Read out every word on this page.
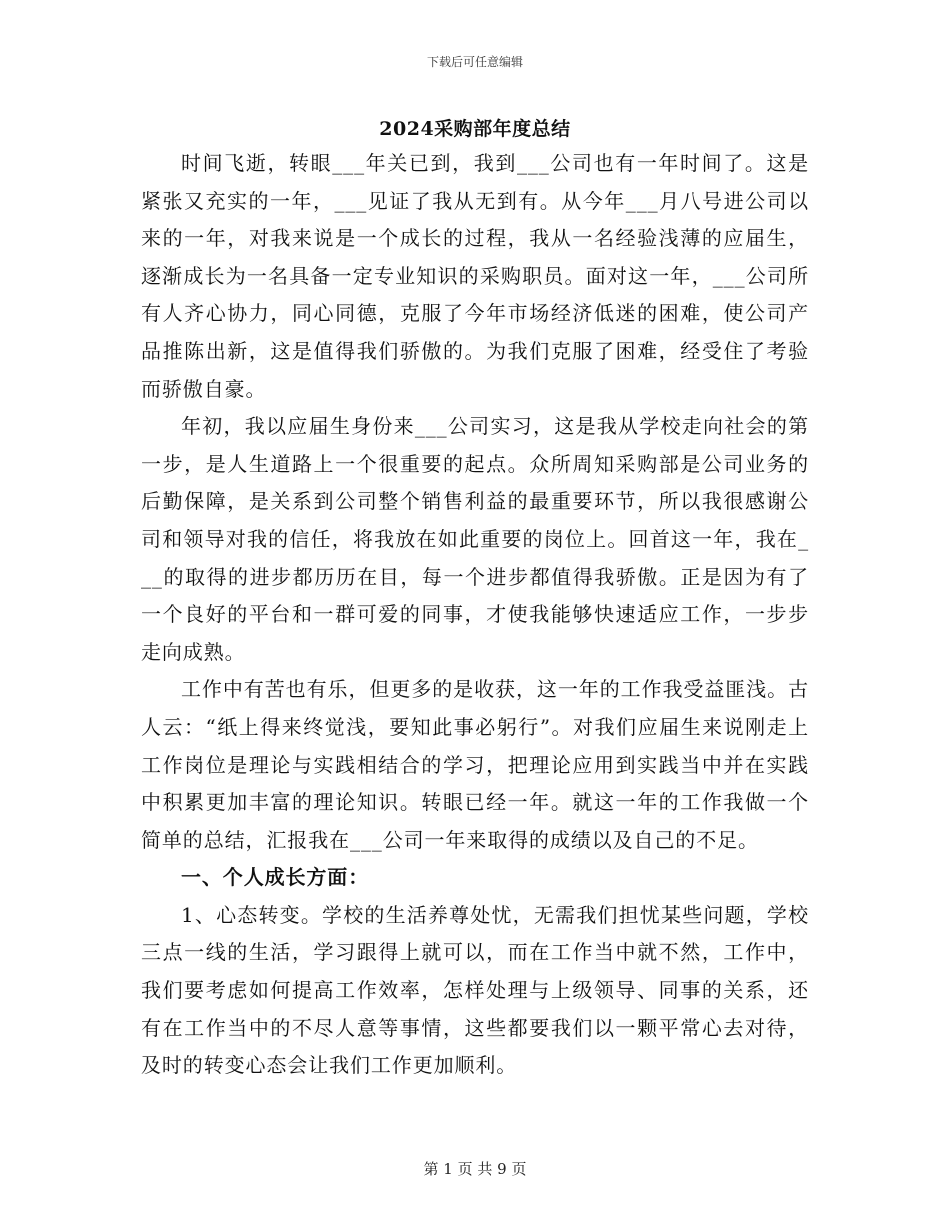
下载后可任意编辑
2024采购部年度总结

时间飞逝，转眼___年关已到，我到___公司也有一年时间了。这是紧张又充实的一年，___见证了我从无到有。从今年___月八号进公司以来的一年，对我来说是一个成长的过程，我从一名经验浅薄的应届生，逐渐成长为一名具备一定专业知识的采购职员。面对这一年，___公司所有人齐心协力，同心同德，克服了今年市场经济低迷的困难，使公司产品推陈出新，这是值得我们骄傲的。为我们克服了困难，经受住了考验而骄傲自豪。

年初，我以应届生身份来___公司实习，这是我从学校走向社会的第一步，是人生道路上一个很重要的起点。众所周知采购部是公司业务的后勤保障，是关系到公司整个销售利益的最重要环节，所以我很感谢公司和领导对我的信任，将我放在如此重要的岗位上。回首这一年，我在___的取得的进步都历历在目，每一个进步都值得我骄傲。正是因为有了一个良好的平台和一群可爱的同事，才使我能够快速适应工作，一步步走向成熟。

工作中有苦也有乐，但更多的是收获，这一年的工作我受益匪浅。古人云：“纸上得来终觉浅，要知此事必躬行”。对我们应届生来说刚走上工作岗位是理论与实践相结合的学习，把理论应用到实践当中并在实践中积累更加丰富的理论知识。转眼已经一年。就这一年的工作我做一个简单的总结，汇报我在___公司一年来取得的成绩以及自己的不足。

一、个人成长方面：

1、心态转变。学校的生活养尊处忧，无需我们担忧某些问题，学校三点一线的生活，学习跟得上就可以，而在工作当中就不然，工作中，我们要考虑如何提高工作效率，怎样处理与上级领导、同事的关系，还有在工作当中的不尽人意等事情，这些都要我们以一颗平常心去对待，及时的转变心态会让我们工作更加顺利。

第 1 页 共 9 页
